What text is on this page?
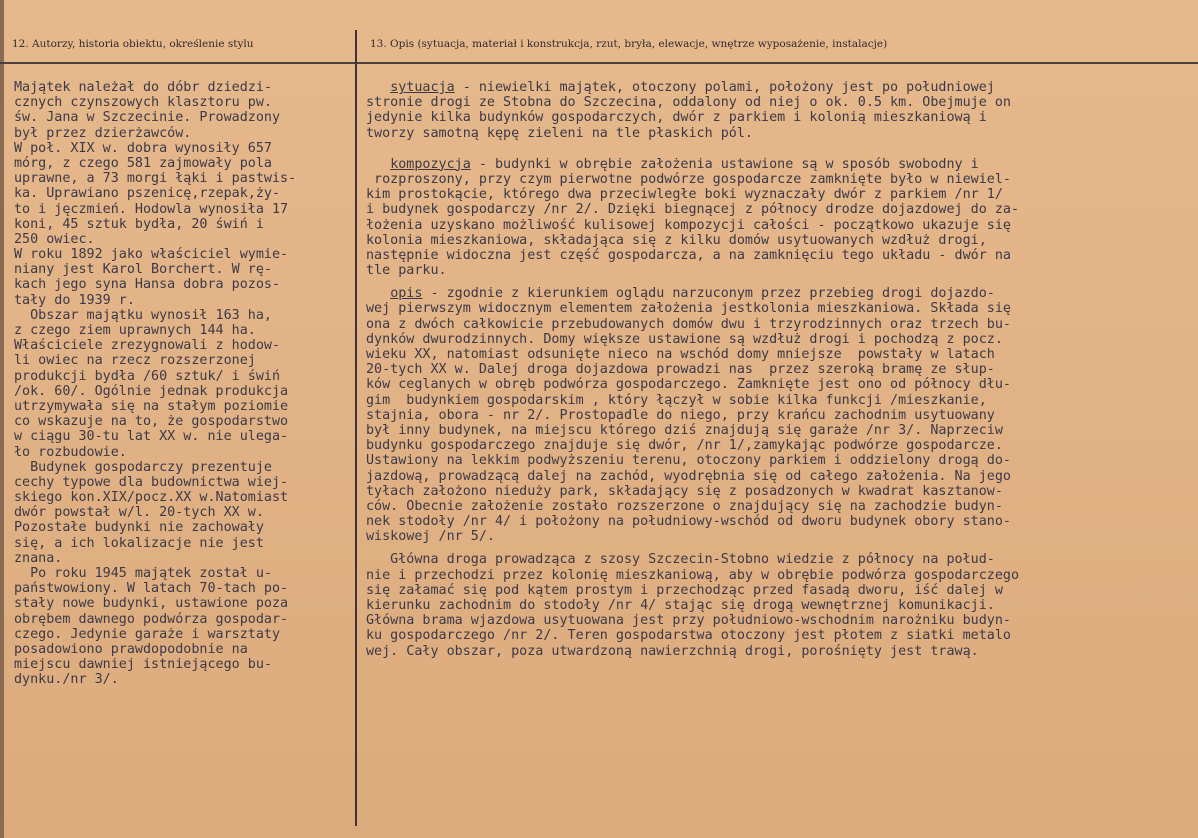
12. Autorzy, historia obiektu, określenie stylu	13. Opis (sytuacja, materiał i konstrukcja, rzut, bryła, elewacje, wnętrze wyposażenie, instalacje)
Majątek należał do dóbr dziedzi-
cznych czynszowych klasztoru pw.
św. Jana w Szczecinie. Prowadzony
był przez dzierżawców.
W poł. XIX w. dobra wynosiły 657
mórg, z czego 581 zajmowały pola
uprawne, a 73 morgi łąki i pastwis-
ka. Uprawiano pszenicę,rzepak,ży-
to i jęczmień. Hodowla wynosiła 17
koni, 45 sztuk bydła, 20 świń i
250 owiec.
W roku 1892 jako właściciel wymie-
niany jest Karol Borchert. W rę-
kach jego syna Hansa dobra pozos-
tały do 1939 r.
Obszar majątku wynosił 163 ha,
z czego ziem uprawnych 144 ha.
Właściciele zrezygnowali z hodow-
li owiec na rzecz rozszerzonej
produkcji bydła /60 sztuk/ i świń
/ok. 60/. Ogólnie jednak produkcja
utrzymywała się na stałym poziomie
co wskazuje na to, że gospodarstwo
w ciągu 30-tu lat XX w. nie ulega-
ło rozbudowie.
Budynek gospodarczy prezentuje
cechy typowe dla budownictwa wiej-
skiego kon.XIX/pocz.XX w.Natomiast
dwór powstał w/l. 20-tych XX w.
Pozostałe budynki nie zachowały
się, a ich lokalizacje nie jest
znana.
Po roku 1945 majątek został u-
państwowiony. W latach 70-tach po-
stały nowe budynki, ustawione poza
obrębem dawnego podwórza gospodar-
czego. Jedynie garaże i warsztaty
posadowiono prawdopodobnie na
miejscu dawniej istniejącego bu-
dynku./nr 3/.
sytuacja - niewielki majątek, otoczony polami, położony jest po południowej
stronie drogi ze Stobna do Szczecina, oddalony od niej o ok. 0.5 km. Obejmuje on
jedynie kilka budynków gospodarczych, dwór z parkiem i kolonią mieszkaniową i
tworzy samotną kępę zieleni na tle płaskich pól.
kompozycja - budynki w obrębie założenia ustawione są w sposób swobodny i
rozproszony, przy czym pierwotne podwórze gospodarcze zamknięte było w niewiel-
kim prostokącie, którego dwa przeciwległe boki wyznaczały dwór z parkiem /nr 1/
i budynek gospodarczy /nr 2/. Dzięki biegnącej z północy drodze dojazdowej do za-
łożenia uzyskano możliwość kulisowej kompozycji całości - początkowo ukazuje się
kolonia mieszkaniowa, składająca się z kilku domów usytuowanych wzdłuż drogi,
następnie widoczna jest część gospodarcza, a na zamknięciu tego układu - dwór na
tle parku.
opis - zgodnie z kierunkiem oglądu narzuconym przez przebieg drogi dojazdo-
wej pierwszym widocznym elementem założenia jestkolonia mieszkaniowa. Składa się
ona z dwóch całkowicie przebudowanych domów dwu i trzyrodzinnych oraz trzech bu-
dynków dwurodzinnych. Domy większe ustawione są wzdłuż drogi i pochodzą z pocz.
wieku XX, natomiast odsunięte nieco na wschód domy mniejsze  powstały w latach
20-tych XX w. Dalej droga dojazdowa prowadzi nas  przez szeroką bramę ze słup-
ków ceglanych w obręb podwórza gospodarczego. Zamknięte jest ono od północy dłu-
gim  budynkiem gospodarskim , który łączył w sobie kilka funkcji /mieszkanie,
stajnia, obora - nr 2/. Prostopadle do niego, przy krańcu zachodnim usytuowany
był inny budynek, na miejscu którego dziś znajdują się garaże /nr 3/. Naprzeciw
budynku gospodarczego znajduje się dwór, /nr 1/,zamykając podwórze gospodarcze.
Ustawiony na lekkim podwyższeniu terenu, otoczony parkiem i oddzielony drogą do-
jazdową, prowadzącą dalej na zachód, wyodrębnia się od całego założenia. Na jego
tyłach założono nieduży park, składający się z posadzonych w kwadrat kasztanow-
ców. Obecnie założenie zostało rozszerzone o znajdujący się na zachodzie budyn-
nek stodoły /nr 4/ i położony na południowy-wschód od dworu budynek obory stano-
wiskowej /nr 5/.
Główna droga prowadząca z szosy Szczecin-Stobno wiedzie z północy na połud-
nie i przechodzi przez kolonię mieszkaniową, aby w obrębie podwórza gospodarczego
się załamać się pod kątem prostym i przechodząc przed fasadą dworu, iść dalej w
kierunku zachodnim do stodoły /nr 4/ stając się drogą wewnętrznej komunikacji.
Główna brama wjazdowa usytuowana jest przy południowo-wschodnim narożniku budyn-
ku gospodarczego /nr 2/. Teren gospodarstwa otoczony jest płotem z siatki metalo
wej. Cały obszar, poza utwardzoną nawierzchnią drogi, porośnięty jest trawą.
